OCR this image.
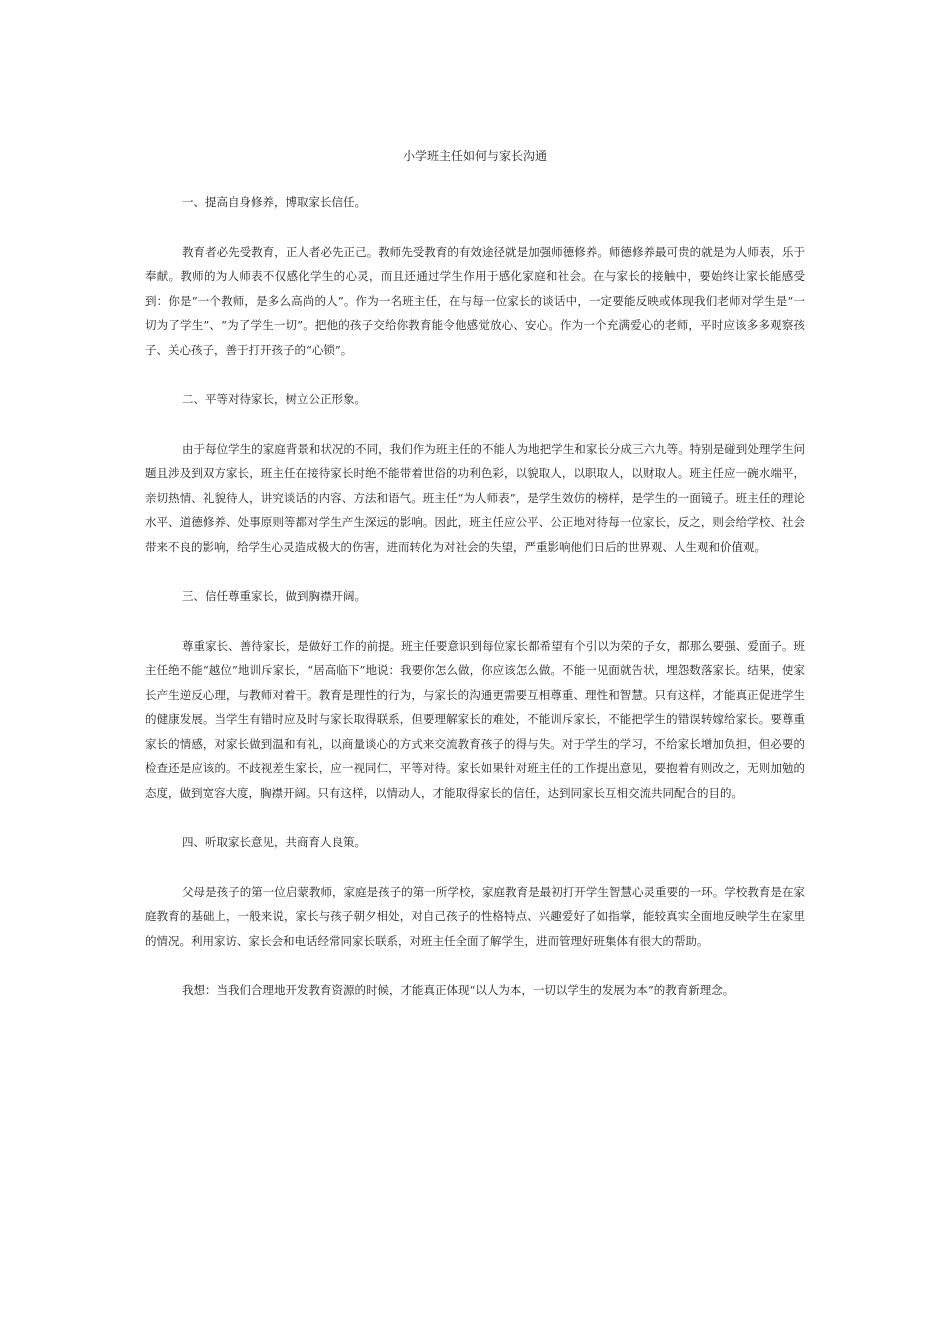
小学班主任如何与家长沟通

一、提高自身修养，博取家长信任。

教育者必先受教育，正人者必先正己。教师先受教育的有效途径就是加强师德修养。师德修养最可贵的就是为人师表，乐于奉献。教师的为人师表不仅感化学生的心灵，而且还通过学生作用于感化家庭和社会。在与家长的接触中，要始终让家长能感受到：你是“一个教师，是多么高尚的人”。作为一名班主任，在与每一位家长的谈话中，一定要能反映或体现我们老师对学生是“一切为了学生”、“为了学生一切”。把他的孩子交给你教育能令他感觉放心、安心。作为一个充满爱心的老师，平时应该多多观察孩子、关心孩子，善于打开孩子的“心锁”。

二、平等对待家长，树立公正形象。

由于每位学生的家庭背景和状况的不同，我们作为班主任的不能人为地把学生和家长分成三六九等。特别是碰到处理学生问题且涉及到双方家长，班主任在接待家长时绝不能带着世俗的功利色彩，以貌取人，以职取人，以财取人。班主任应一碗水端平，亲切热情、礼貌待人，讲究谈话的内容、方法和语气。班主任“为人师表”，是学生效仿的榜样，是学生的一面镜子。班主任的理论水平、道德修养、处事原则等都对学生产生深远的影响。因此，班主任应公平、公正地对待每一位家长，反之，则会给学校、社会带来不良的影响，给学生心灵造成极大的伤害，进而转化为对社会的失望，严重影响他们日后的世界观、人生观和价值观。

三、信任尊重家长，做到胸襟开阔。

尊重家长、善待家长，是做好工作的前提。班主任要意识到每位家长都希望有个引以为荣的子女，都那么要强、爱面子。班主任绝不能“越位”地训斥家长，“居高临下”地说：我要你怎么做，你应该怎么做。不能一见面就告状，埋怨数落家长。结果，使家长产生逆反心理，与教师对着干。教育是理性的行为，与家长的沟通更需要互相尊重、理性和智慧。只有这样，才能真正促进学生的健康发展。当学生有错时应及时与家长取得联系，但要理解家长的难处，不能训斥家长，不能把学生的错误转嫁给家长。要尊重家长的情感，对家长做到温和有礼，以商量谈心的方式来交流教育孩子的得与失。对于学生的学习，不给家长增加负担，但必要的检查还是应该的。不歧视差生家长，应一视同仁，平等对待。家长如果针对班主任的工作提出意见，要抱着有则改之，无则加勉的态度，做到宽容大度，胸襟开阔。只有这样，以情动人，才能取得家长的信任，达到同家长互相交流共同配合的目的。

四、听取家长意见，共商育人良策。

父母是孩子的第一位启蒙教师，家庭是孩子的第一所学校，家庭教育是最初打开学生智慧心灵重要的一环。学校教育是在家庭教育的基础上，一般来说，家长与孩子朝夕相处，对自己孩子的性格特点、兴趣爱好了如指掌，能较真实全面地反映学生在家里的情况。利用家访、家长会和电话经常同家长联系，对班主任全面了解学生，进而管理好班集体有很大的帮助。

我想：当我们合理地开发教育资源的时候，才能真正体现“以人为本，一切以学生的发展为本”的教育新理念。
